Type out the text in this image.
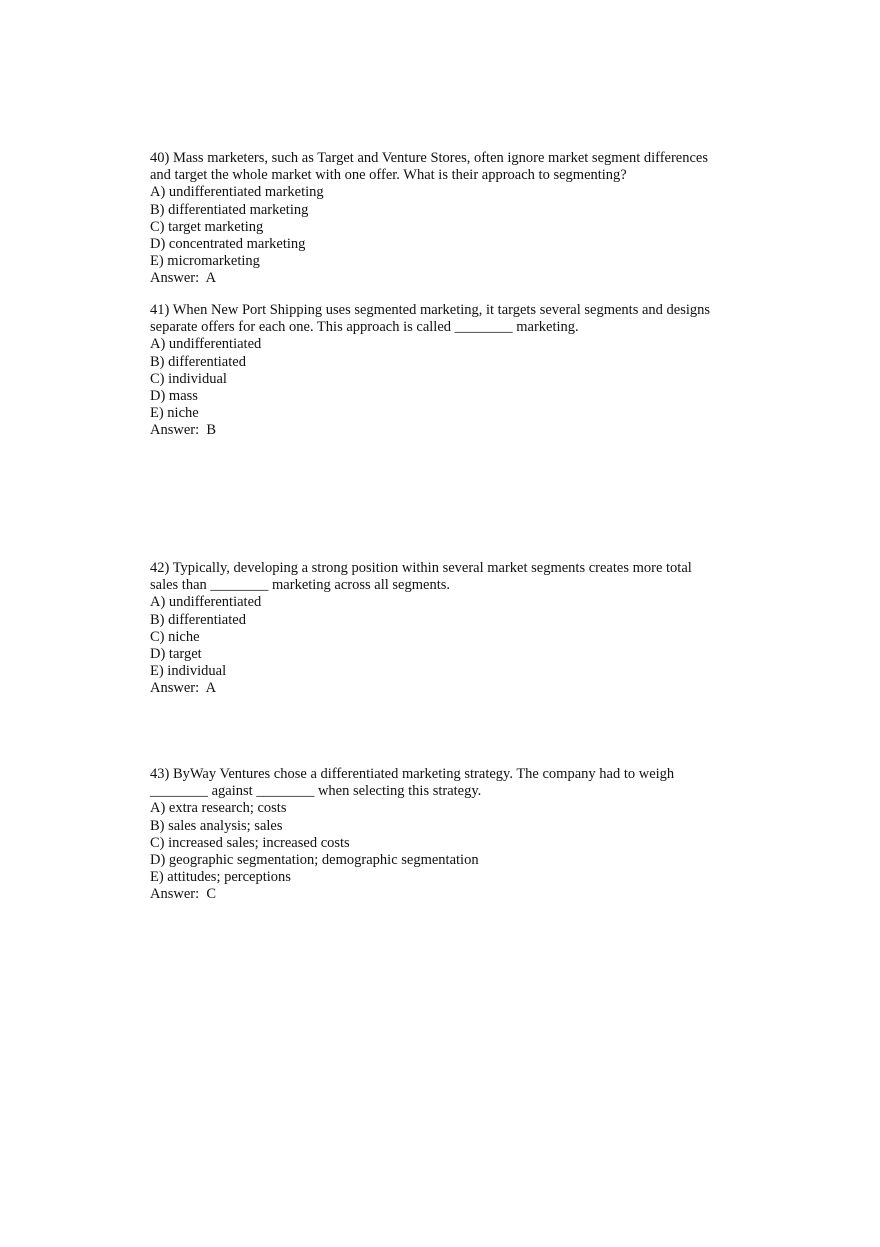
40) Mass marketers, such as Target and Venture Stores, often ignore market segment differences
and target the whole market with one offer. What is their approach to segmenting?
A) undifferentiated marketing
B) differentiated marketing
C) target marketing
D) concentrated marketing
E) micromarketing
Answer:  A
41) When New Port Shipping uses segmented marketing, it targets several segments and designs
separate offers for each one. This approach is called ________ marketing.
A) undifferentiated
B) differentiated
C) individual
D) mass
E) niche
Answer:  B
42) Typically, developing a strong position within several market segments creates more total
sales than ________ marketing across all segments.
A) undifferentiated
B) differentiated
C) niche
D) target
E) individual
Answer:  A
43) ByWay Ventures chose a differentiated marketing strategy. The company had to weigh
________ against ________ when selecting this strategy.
A) extra research; costs
B) sales analysis; sales
C) increased sales; increased costs
D) geographic segmentation; demographic segmentation
E) attitudes; perceptions
Answer:  C
